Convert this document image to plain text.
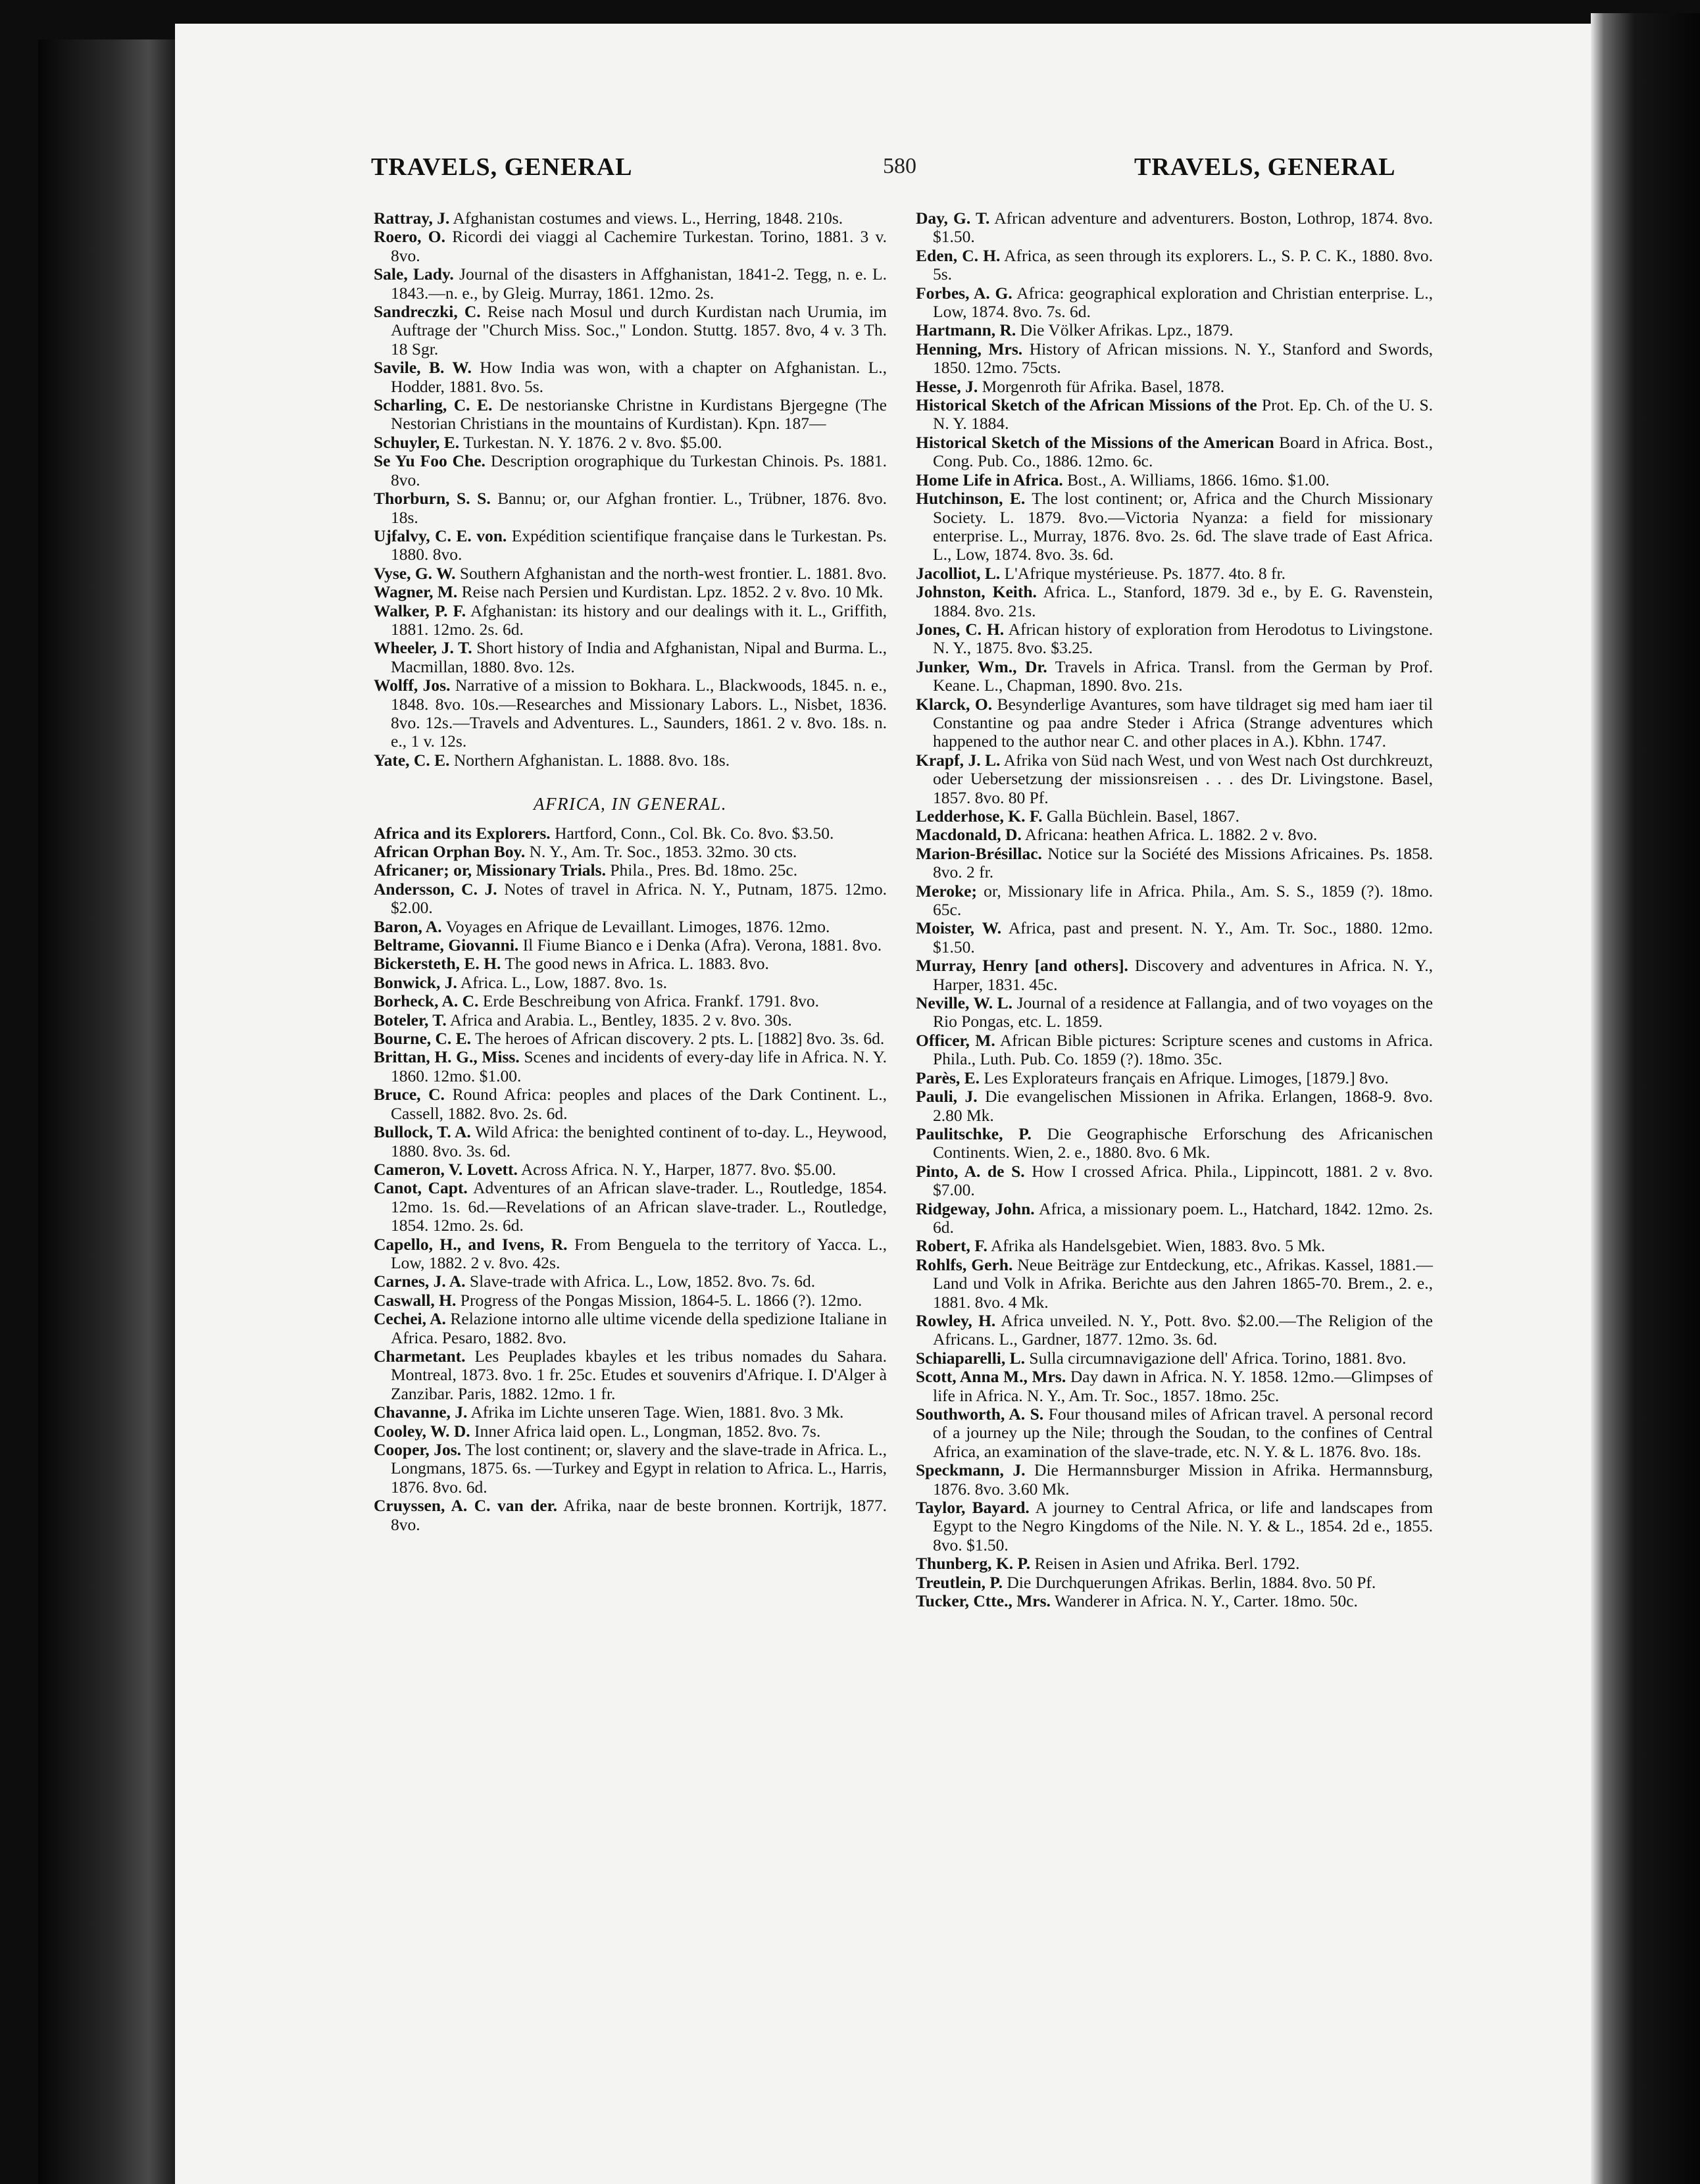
TRAVELS, GENERAL	580	TRAVELS, GENERAL

Rattray, J. Afghanistan costumes and views. L., Herring, 1848. 210s.

Roero, O. Ricordi dei viaggi al Cachemire Turkestan. Torino, 1881. 3 v. 8vo.

Sale, Lady. Journal of the disasters in Affghanistan, 1841-2. Tegg, n. e. L. 1843.—n. e., by Gleig. Murray, 1861. 12mo. 2s.

Sandreczki, C. Reise nach Mosul und durch Kurdistan nach Urumia, im Auftrage der "Church Miss. Soc.," London. Stuttg. 1857. 8vo, 4 v. 3 Th. 18 Sgr.

Savile, B. W. How India was won, with a chapter on Afghanistan. L., Hodder, 1881. 8vo. 5s.

Scharling, C. E. De nestorianske Christne in Kurdistans Bjergegne (The Nestorian Christians in the mountains of Kurdistan). Kpn. 187—

Schuyler, E. Turkestan. N. Y. 1876. 2 v. 8vo. $5.00.

Se Yu Foo Che. Description orographique du Turkestan Chinois. Ps. 1881. 8vo.

Thorburn, S. S. Bannu; or, our Afghan frontier. L., Trübner, 1876. 8vo. 18s.

Ujfalvy, C. E. von. Expédition scientifique française dans le Turkestan. Ps. 1880. 8vo.

Vyse, G. W. Southern Afghanistan and the north-west frontier. L. 1881. 8vo.

Wagner, M. Reise nach Persien und Kurdistan. Lpz. 1852. 2 v. 8vo. 10 Mk.

Walker, P. F. Afghanistan: its history and our dealings with it. L., Griffith, 1881. 12mo. 2s. 6d.

Wheeler, J. T. Short history of India and Afghanistan, Nipal and Burma. L., Macmillan, 1880. 8vo. 12s.

Wolff, Jos. Narrative of a mission to Bokhara. L., Blackwoods, 1845. n. e., 1848. 8vo. 10s.—Researches and Missionary Labors. L., Nisbet, 1836. 8vo. 12s.—Travels and Adventures. L., Saunders, 1861. 2 v. 8vo. 18s. n. e., 1 v. 12s.

Yate, C. E. Northern Afghanistan. L. 1888. 8vo. 18s.

AFRICA, IN GENERAL.

Africa and its Explorers. Hartford, Conn., Col. Bk. Co. 8vo. $3.50.

African Orphan Boy. N. Y., Am. Tr. Soc., 1853. 32mo. 30 cts.

Africaner; or, Missionary Trials. Phila., Pres. Bd. 18mo. 25c.

Andersson, C. J. Notes of travel in Africa. N. Y., Putnam, 1875. 12mo. $2.00.

Baron, A. Voyages en Afrique de Levaillant. Limoges, 1876. 12mo.

Beltrame, Giovanni. Il Fiume Bianco e i Denka (Afra). Verona, 1881. 8vo.

Bickersteth, E. H. The good news in Africa. L. 1883. 8vo.

Bonwick, J. Africa. L., Low, 1887. 8vo. 1s.

Borheck, A. C. Erde Beschreibung von Africa. Frankf. 1791. 8vo.

Boteler, T. Africa and Arabia. L., Bentley, 1835. 2 v. 8vo. 30s.

Bourne, C. E. The heroes of African discovery. 2 pts. L. [1882] 8vo. 3s. 6d.

Brittan, H. G., Miss. Scenes and incidents of every-day life in Africa. N. Y. 1860. 12mo. $1.00.

Bruce, C. Round Africa: peoples and places of the Dark Continent. L., Cassell, 1882. 8vo. 2s. 6d.

Bullock, T. A. Wild Africa: the benighted continent of to-day. L., Heywood, 1880. 8vo. 3s. 6d.

Cameron, V. Lovett. Across Africa. N. Y., Harper, 1877. 8vo. $5.00.

Canot, Capt. Adventures of an African slave-trader. L., Routledge, 1854. 12mo. 1s. 6d.—Revelations of an African slave-trader. L., Routledge, 1854. 12mo. 2s. 6d.

Capello, H., and Ivens, R. From Benguela to the territory of Yacca. L., Low, 1882. 2 v. 8vo. 42s.

Carnes, J. A. Slave-trade with Africa. L., Low, 1852. 8vo. 7s. 6d.

Caswall, H. Progress of the Pongas Mission, 1864-5. L. 1866 (?). 12mo.

Cechei, A. Relazione intorno alle ultime vicende della spedizione Italiane in Africa. Pesaro, 1882. 8vo.

Charmetant. Les Peuplades kbayles et les tribus nomades du Sahara. Montreal, 1873. 8vo. 1 fr. 25c. Etudes et souvenirs d'Afrique. I. D'Alger à Zanzibar. Paris, 1882. 12mo. 1 fr.

Chavanne, J. Afrika im Lichte unseren Tage. Wien, 1881. 8vo. 3 Mk.

Cooley, W. D. Inner Africa laid open. L., Longman, 1852. 8vo. 7s.

Cooper, Jos. The lost continent; or, slavery and the slave-trade in Africa. L., Longmans, 1875. 6s. —Turkey and Egypt in relation to Africa. L., Harris, 1876. 8vo. 6d.

Cruyssen, A. C. van der. Afrika, naar de beste bronnen. Kortrijk, 1877. 8vo.

Day, G. T. African adventure and adventurers. Boston, Lothrop, 1874. 8vo. $1.50.

Eden, C. H. Africa, as seen through its explorers. L., S. P. C. K., 1880. 8vo. 5s.

Forbes, A. G. Africa: geographical exploration and Christian enterprise. L., Low, 1874. 8vo. 7s. 6d.

Hartmann, R. Die Völker Afrikas. Lpz., 1879.

Henning, Mrs. History of African missions. N. Y., Stanford and Swords, 1850. 12mo. 75cts.

Hesse, J. Morgenroth für Afrika. Basel, 1878.

Historical Sketch of the African Missions of the Prot. Ep. Ch. of the U. S. N. Y. 1884.

Historical Sketch of the Missions of the American Board in Africa. Bost., Cong. Pub. Co., 1886. 12mo. 6c.

Home Life in Africa. Bost., A. Williams, 1866. 16mo. $1.00.

Hutchinson, E. The lost continent; or, Africa and the Church Missionary Society. L. 1879. 8vo.—Victoria Nyanza: a field for missionary enterprise. L., Murray, 1876. 8vo. 2s. 6d. The slave trade of East Africa. L., Low, 1874. 8vo. 3s. 6d.

Jacolliot, L. L'Afrique mystérieuse. Ps. 1877. 4to. 8 fr.

Johnston, Keith. Africa. L., Stanford, 1879. 3d e., by E. G. Ravenstein, 1884. 8vo. 21s.

Jones, C. H. African history of exploration from Herodotus to Livingstone. N. Y., 1875. 8vo. $3.25.

Junker, Wm., Dr. Travels in Africa. Transl. from the German by Prof. Keane. L., Chapman, 1890. 8vo. 21s.

Klarck, O. Besynderlige Avantures, som have tildraget sig med ham iaer til Constantine og paa andre Steder i Africa (Strange adventures which happened to the author near C. and other places in A.). Kbhn. 1747.

Krapf, J. L. Afrika von Süd nach West, und von West nach Ost durchkreuzt, oder Uebersetzung der missionsreisen . . . des Dr. Livingstone. Basel, 1857. 8vo. 80 Pf.

Ledderhose, K. F. Galla Büchlein. Basel, 1867.

Macdonald, D. Africana: heathen Africa. L. 1882. 2 v. 8vo.

Marion-Brésillac. Notice sur la Société des Missions Africaines. Ps. 1858. 8vo. 2 fr.

Meroke; or, Missionary life in Africa. Phila., Am. S. S., 1859 (?). 18mo. 65c.

Moister, W. Africa, past and present. N. Y., Am. Tr. Soc., 1880. 12mo. $1.50.

Murray, Henry [and others]. Discovery and adventures in Africa. N. Y., Harper, 1831. 45c.

Neville, W. L. Journal of a residence at Fallangia, and of two voyages on the Rio Pongas, etc. L. 1859.

Officer, M. African Bible pictures: Scripture scenes and customs in Africa. Phila., Luth. Pub. Co. 1859 (?). 18mo. 35c.

Parès, E. Les Explorateurs français en Afrique. Limoges, [1879.] 8vo.

Pauli, J. Die evangelischen Missionen in Afrika. Erlangen, 1868-9. 8vo. 2.80 Mk.

Paulitschke, P. Die Geographische Erforschung des Africanischen Continents. Wien, 2. e., 1880. 8vo. 6 Mk.

Pinto, A. de S. How I crossed Africa. Phila., Lippincott, 1881. 2 v. 8vo. $7.00.

Ridgeway, John. Africa, a missionary poem. L., Hatchard, 1842. 12mo. 2s. 6d.

Robert, F. Afrika als Handelsgebiet. Wien, 1883. 8vo. 5 Mk.

Rohlfs, Gerh. Neue Beiträge zur Entdeckung, etc., Afrikas. Kassel, 1881.—Land und Volk in Afrika. Berichte aus den Jahren 1865-70. Brem., 2. e., 1881. 8vo. 4 Mk.

Rowley, H. Africa unveiled. N. Y., Pott. 8vo. $2.00.—The Religion of the Africans. L., Gardner, 1877. 12mo. 3s. 6d.

Schiaparelli, L. Sulla circumnavigazione dell' Africa. Torino, 1881. 8vo.

Scott, Anna M., Mrs. Day dawn in Africa. N. Y. 1858. 12mo.—Glimpses of life in Africa. N. Y., Am. Tr. Soc., 1857. 18mo. 25c.

Southworth, A. S. Four thousand miles of African travel. A personal record of a journey up the Nile; through the Soudan, to the confines of Central Africa, an examination of the slave-trade, etc. N. Y. & L. 1876. 8vo. 18s.

Speckmann, J. Die Hermannsburger Mission in Afrika. Hermannsburg, 1876. 8vo. 3.60 Mk.

Taylor, Bayard. A journey to Central Africa, or life and landscapes from Egypt to the Negro Kingdoms of the Nile. N. Y. & L., 1854. 2d e., 1855. 8vo. $1.50.

Thunberg, K. P. Reisen in Asien und Afrika. Berl. 1792.

Treutlein, P. Die Durchquerungen Afrikas. Berlin, 1884. 8vo. 50 Pf.

Tucker, Ctte., Mrs. Wanderer in Africa. N. Y., Carter. 18mo. 50c.
